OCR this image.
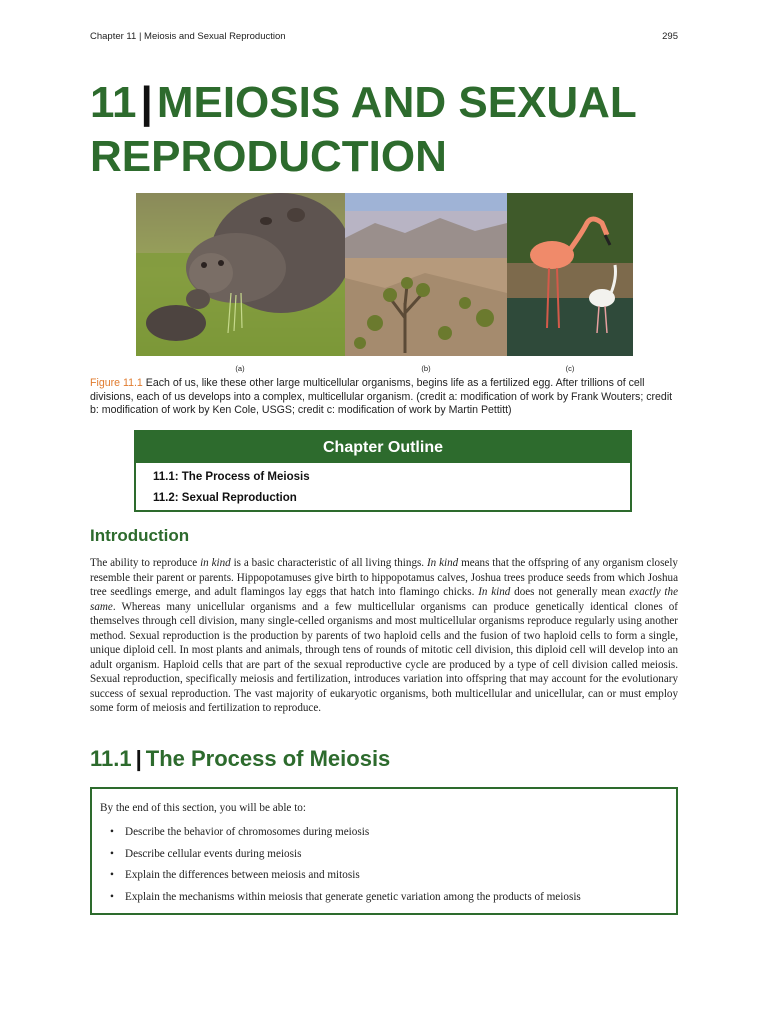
Chapter 11 | Meiosis and Sexual Reproduction	295
11|MEIOSIS AND SEXUAL REPRODUCTION
(a)	(b)	(c)
Figure 11.1 Each of us, like these other large multicellular organisms, begins life as a fertilized egg. After trillions of cell divisions, each of us develops into a complex, multicellular organism. (credit a: modification of work by Frank Wouters; credit b: modification of work by Ken Cole, USGS; credit c: modification of work by Martin Pettitt)
Chapter Outline
11.1: The Process of Meiosis
11.2: Sexual Reproduction
Introduction

The ability to reproduce in kind is a basic characteristic of all living things. In kind means that the offspring of any organism closely resemble their parent or parents. Hippopotamuses give birth to hippopotamus calves, Joshua trees produce seeds from which Joshua tree seedlings emerge, and adult flamingos lay eggs that hatch into flamingo chicks. In kind does not generally mean exactly the same. Whereas many unicellular organisms and a few multicellular organisms can produce genetically identical clones of themselves through cell division, many single-celled organisms and most multicellular organisms reproduce regularly using another method. Sexual reproduction is the production by parents of two haploid cells and the fusion of two haploid cells to form a single, unique diploid cell. In most plants and animals, through tens of rounds of mitotic cell division, this diploid cell will develop into an adult organism. Haploid cells that are part of the sexual reproductive cycle are produced by a type of cell division called meiosis. Sexual reproduction, specifically meiosis and fertilization, introduces variation into offspring that may account for the evolutionary success of sexual reproduction. The vast majority of eukaryotic organisms, both multicellular and unicellular, can or must employ some form of meiosis and fertilization to reproduce.

11.1 | The Process of Meiosis
By the end of this section, you will be able to:
• Describe the behavior of chromosomes during meiosis
• Describe cellular events during meiosis
• Explain the differences between meiosis and mitosis
• Explain the mechanisms within meiosis that generate genetic variation among the products of meiosis
